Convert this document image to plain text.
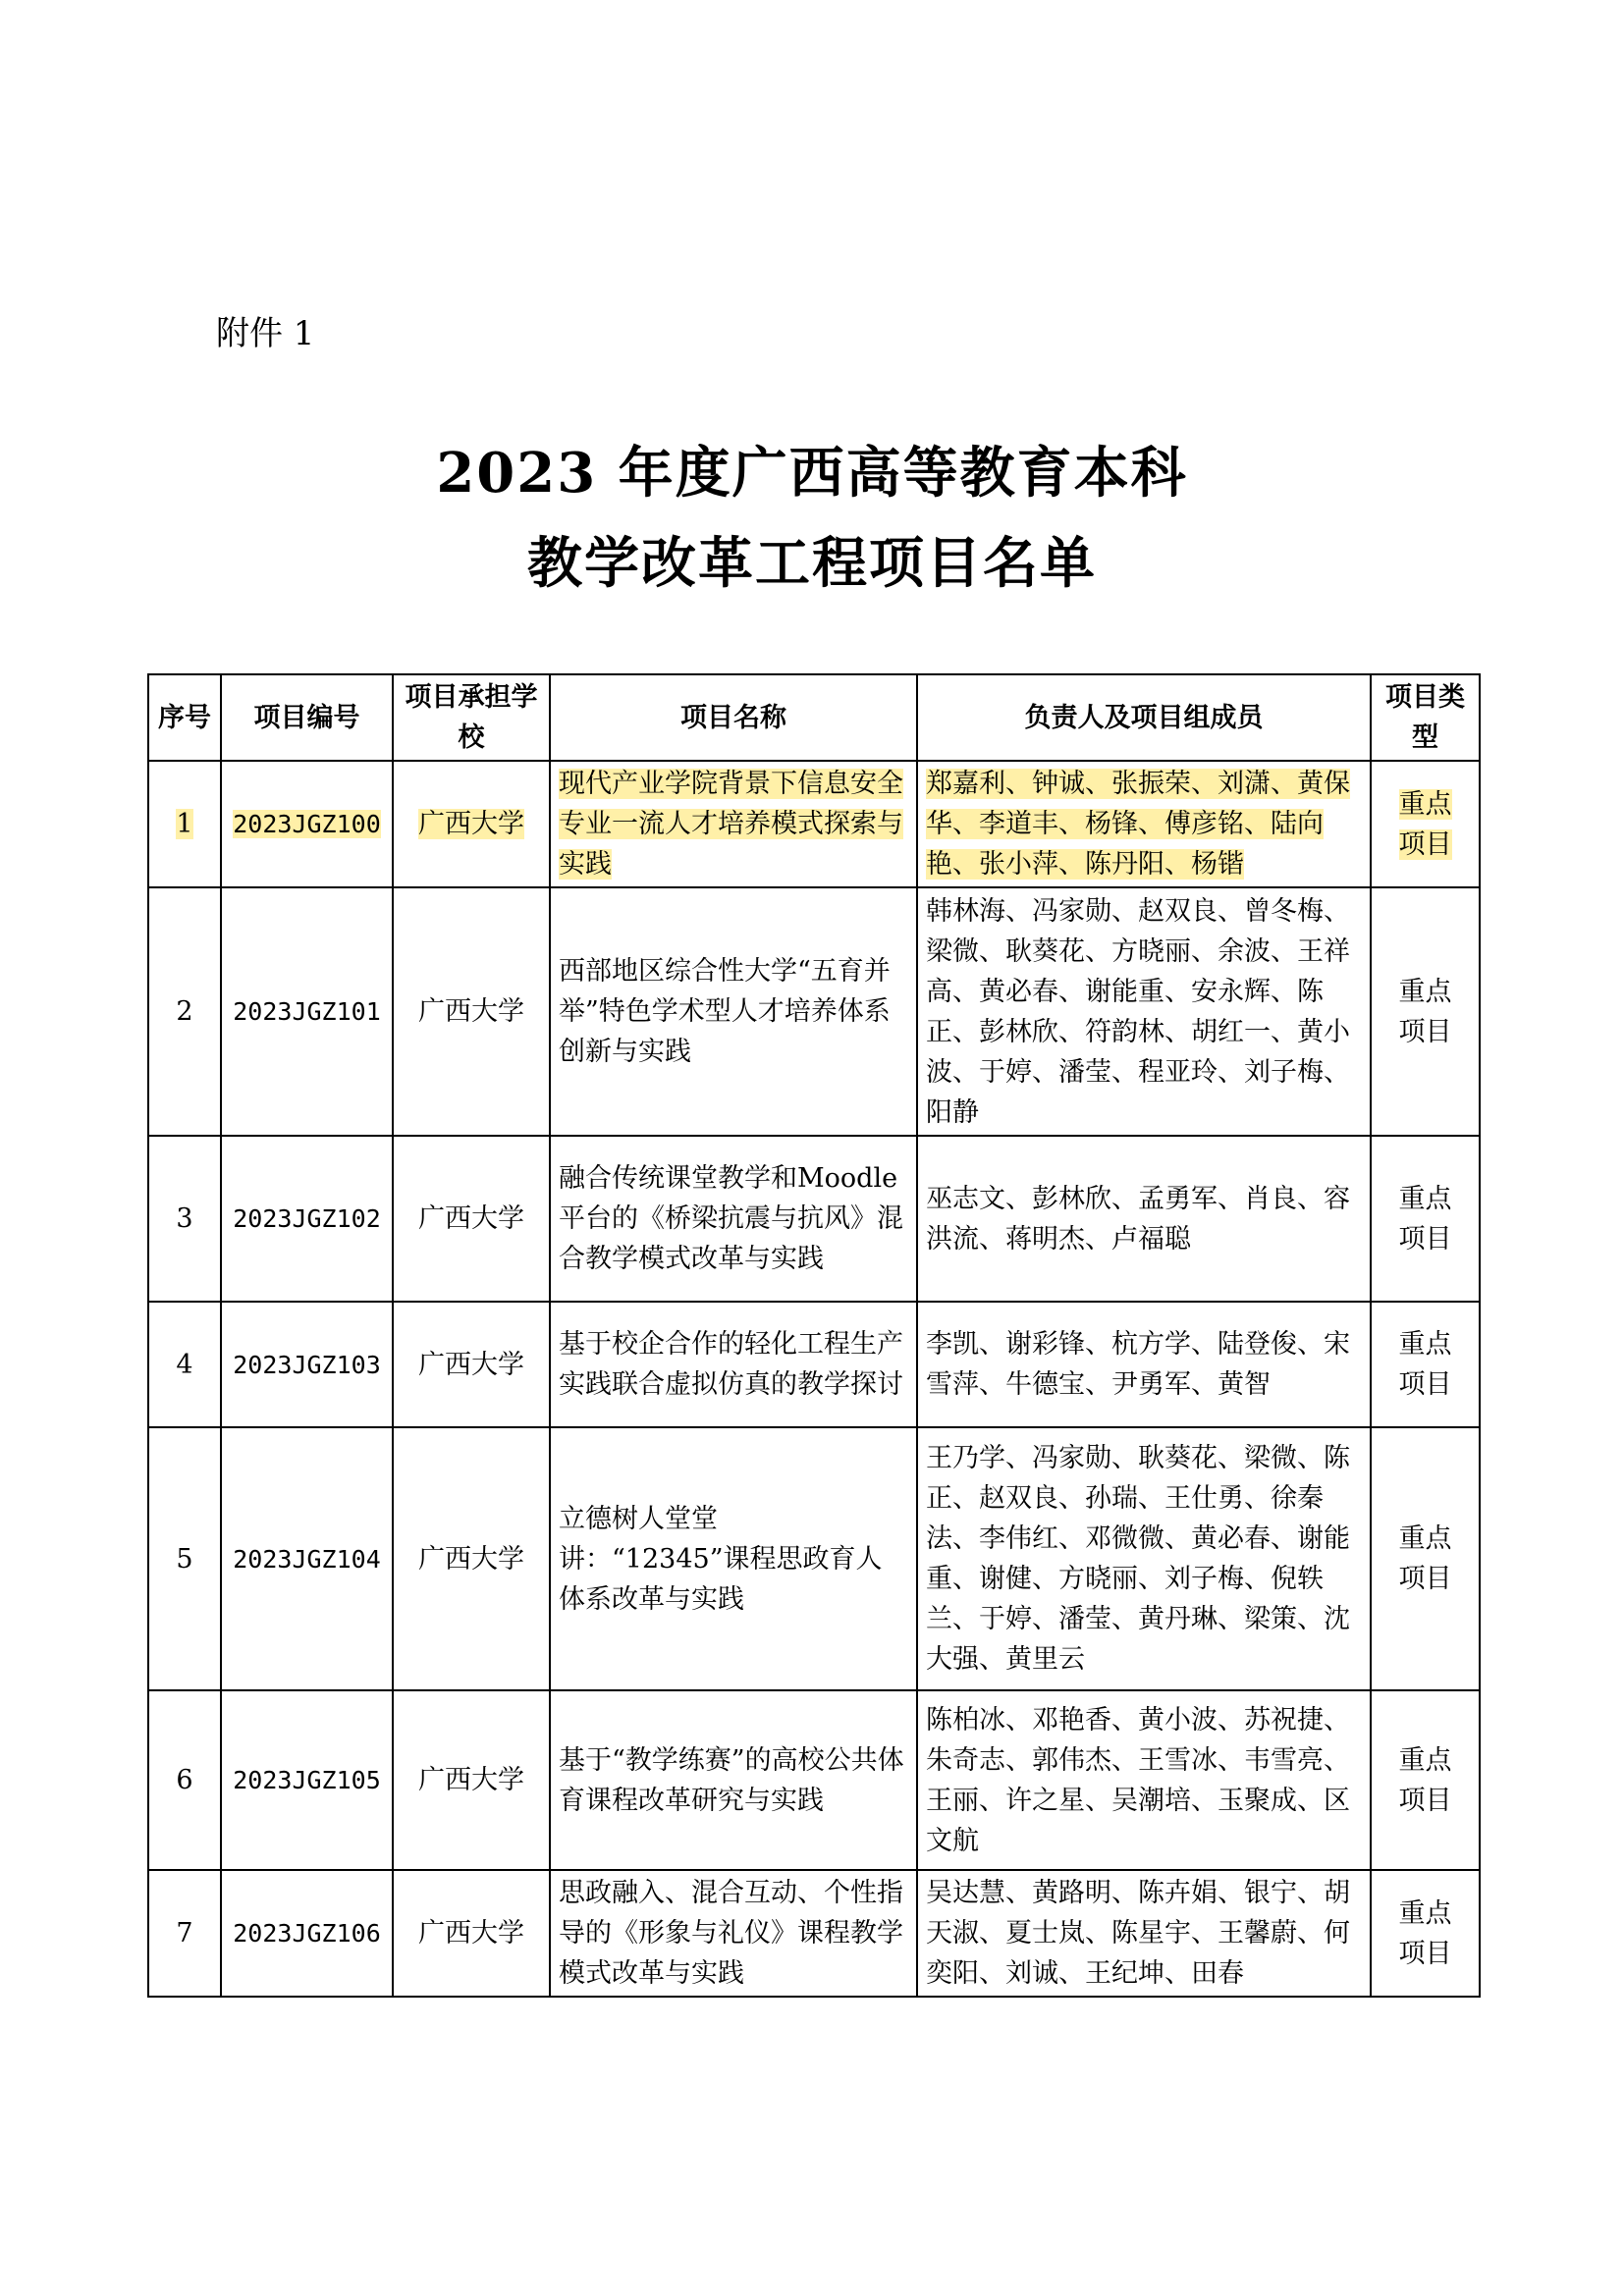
附件 1
2023 年度广西高等教育本科
教学改革工程项目名单
序号	项目编号	项目承担学校	项目名称	负责人及项目组成员	项目类型
1	2023JGZ100	广西大学	现代产业学院背景下信息安全专业一流人才培养模式探索与实践	郑嘉利、钟诚、张振荣、刘潇、黄保华、李道丰、杨锋、傅彦铭、陆向艳、张小萍、陈丹阳、杨锴	重点项目
2	2023JGZ101	广西大学	西部地区综合性大学“五育并举”特色学术型人才培养体系创新与实践	韩林海、冯家勋、赵双良、曾冬梅、梁微、耿葵花、方晓丽、余波、王祥高、黄必春、谢能重、安永辉、陈正、彭林欣、符韵林、胡红一、黄小波、于婷、潘莹、程亚玲、刘子梅、阳静	重点项目
3	2023JGZ102	广西大学	融合传统课堂教学和Moodle平台的《桥梁抗震与抗风》混合教学模式改革与实践	巫志文、彭林欣、孟勇军、肖良、容洪流、蒋明杰、卢福聪	重点项目
4	2023JGZ103	广西大学	基于校企合作的轻化工程生产实践联合虚拟仿真的教学探讨	李凯、谢彩锋、杭方学、陆登俊、宋雪萍、牛德宝、尹勇军、黄智	重点项目
5	2023JGZ104	广西大学	立德树人堂堂讲：“12345”课程思政育人体系改革与实践	王乃学、冯家勋、耿葵花、梁微、陈正、赵双良、孙瑞、王仕勇、徐秦法、李伟红、邓微微、黄必春、谢能重、谢健、方晓丽、刘子梅、倪轶兰、于婷、潘莹、黄丹琳、梁策、沈大强、黄里云	重点项目
6	2023JGZ105	广西大学	基于“教学练赛”的高校公共体育课程改革研究与实践	陈柏冰、邓艳香、黄小波、苏祝捷、朱奇志、郭伟杰、王雪冰、韦雪亮、王丽、许之星、吴潮培、玉聚成、区文航	重点项目
7	2023JGZ106	广西大学	思政融入、混合互动、个性指导的《形象与礼仪》课程教学模式改革与实践	吴达慧、黄路明、陈卉娟、银宁、胡天淑、夏士岚、陈星宇、王馨蔚、何奕阳、刘诚、王纪坤、田春	重点项目
